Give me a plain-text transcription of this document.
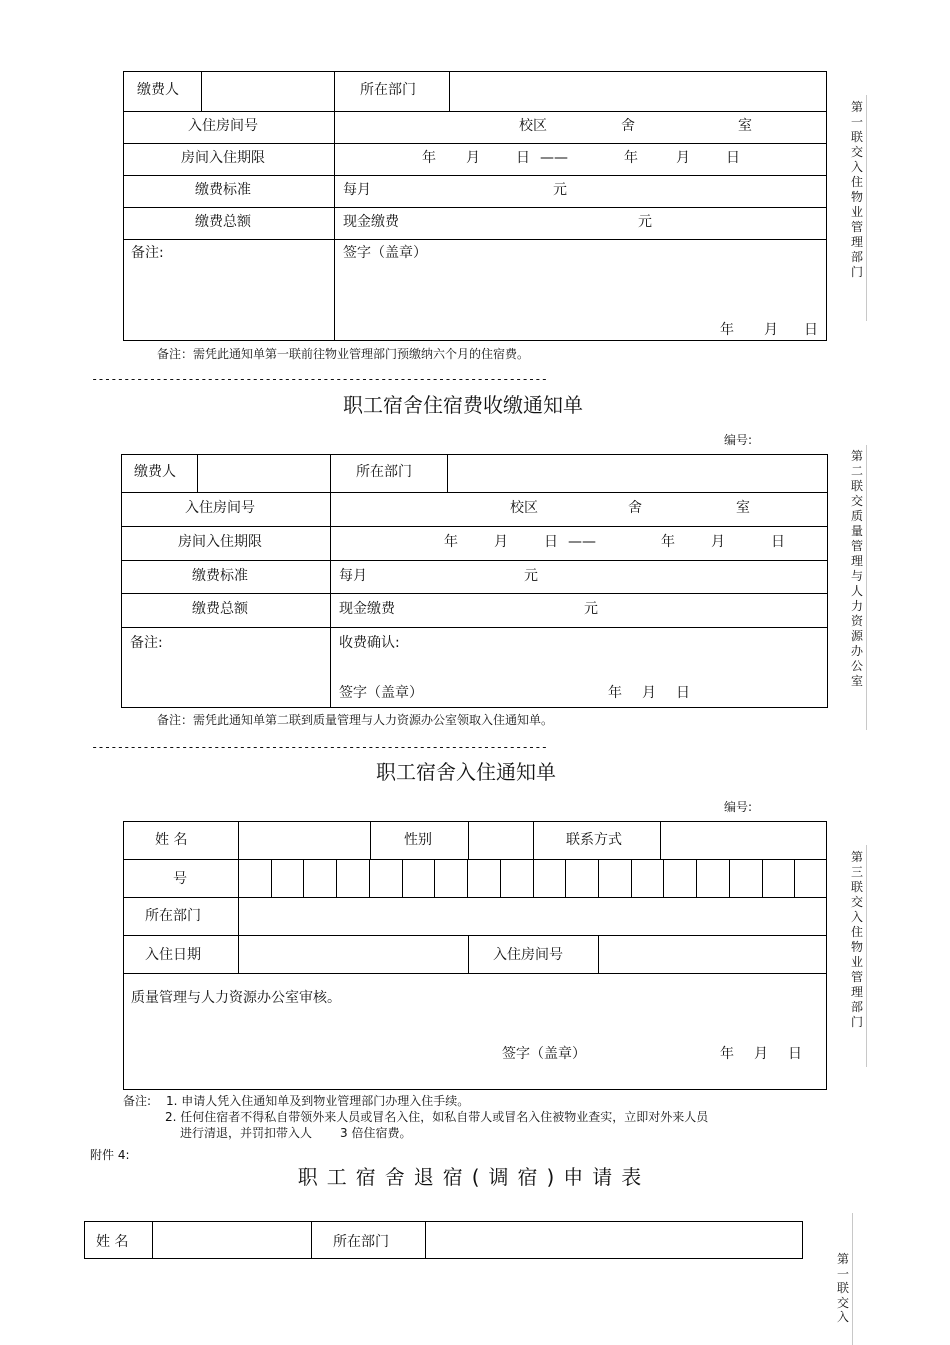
缴费人	所在部门
入住房间号	校区	舍	室
房间入住期限	年 月	日 ——	年	月	日
缴费标准	每月	元
缴费总额	现金缴费	元
备注:	签字（盖章）
年 月 日
备注：需凭此通知单第一联前往物业管理部门预缴纳六个月的住宿费。
第一联 交入住物业管理部门
-----------------------------------------------------------------------
职工宿舍住宿费收缴通知单
编号:
缴费人	所在部门
入住房间号	校区	舍	室
房间入住期限	年	月	日 ——	年	月	日
缴费标准	每月	元
缴费总额	现金缴费	元
备注:	收费确认:
签字（盖章）	年 月 日
备注：需凭此通知单第二联到质量管理与人力资源办公室领取入住通知单。
第二联 交质量管理与人力资源办公室
-----------------------------------------------------------------------
职工宿舍入住通知单
编号:
姓 名	性别	联系方式
号
所在部门
入住日期	入住房间号
质量管理与人力资源办公室审核。
签字（盖章）	年 月 日
备注: 1. 申请人凭入住通知单及到物业管理部门办理入住手续。
2. 任何住宿者不得私自带领外来人员或冒名入住，如私自带人或冒名入住被物业查实，立即对外来人员
进行清退，并罚扣带入人 3 倍住宿费。
第三联 交入住物业管理部门
附件 4:
职工宿舍退宿(调宿)申请表
姓 名	所在部门
第一联 交入
